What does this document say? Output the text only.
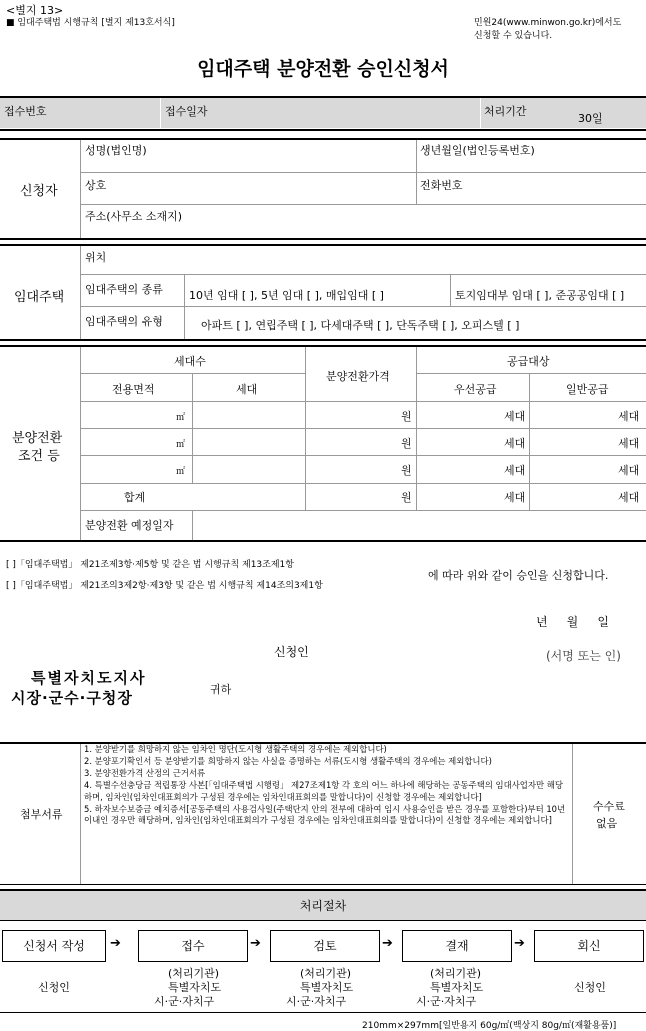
<별지 13>
■ 임대주택법 시행규칙 [별지 제13호서식]	민원24(www.minwon.go.kr)에서도
신청할 수 있습니다.
임대주택 분양전환 승인신청서
접수번호	접수일자	처리기간
30일
신청자
성명(법인명)	생년월일(법인등록번호)
상호	전화번호
주소(사무소 소재지)
임대주택
위치
임대주택의 종류 10년 임대 [ ], 5년 임대 [ ], 매입임대 [ ]	토지임대부 임대 [ ], 준공공임대 [ ]
임대주택의 유형	아파트 [ ], 연립주택 [ ], 다세대주택 [ ], 단독주택 [ ], 오피스텔 [ ]
분양전환
조건 등
세대수
분양전환가격
공급대상
전용면적	세대	우선공급	일반공급
㎡	원	세대	세대
㎡	원	세대	세대
㎡	원	세대	세대
합계	원	세대	세대
분양전환 예정일자
[ ]「임대주택법」 제21조제3항·제5항 및 같은 법 시행규칙 제13조제1항
[ ]「임대주택법」 제21조의3제2항·제3항 및 같은 법 시행규칙 제14조의3제1항
에 따라 위와 같이 승인을 신청합니다.
년     월     일
신청인	(서명 또는 인)
특별자치도지사
시장·군수·구청장	귀하
첨부서류
1. 분양받기를 희망하지 않는 임차인 명단(도시형 생활주택의 경우에는 제외합니다)
2. 분양포기확인서 등 분양받기를 희망하지 않는 사실을 증명하는 서류(도시형 생활주택의 경우에는 제외합니다)
3. 분양전환가격 산정의 근거서류
4. 특별수선충당금 적립통장 사본[「임대주택법 시행령」 제27조제1항 각 호의 어느 하나에 해당하는 공동주택의 임대사업자만 해당하며, 임차인(임차인대표회의가 구성된 경우에는 임차인대표회의를 말합니다)이 신청할 경우에는 제외합니다]
5. 하자보수보증금 예치증서[공동주택의 사용검사일(주택단지 안의 전부에 대하여 임시 사용승인을 받은 경우를 포함한다)부터 10년 이내인 경우만 해당하며, 임차인(임차인대표회의가 구성된 경우에는 임차인대표회의를 말합니다)이 신청할 경우에는 제외합니다]
수수료
없음
처리절차
신청서 작성	➔	접수	➔	검토	➔	결재	➔	회신
신청인
(처리기관)
특별자치도
시·군·자치구
(처리기관)
특별자치도
시·군·자치구
(처리기관)
특별자치도
시·군·자치구
신청인
210mm×297mm[일반용지 60g/㎡(백상지 80g/㎡(재활용품)]
